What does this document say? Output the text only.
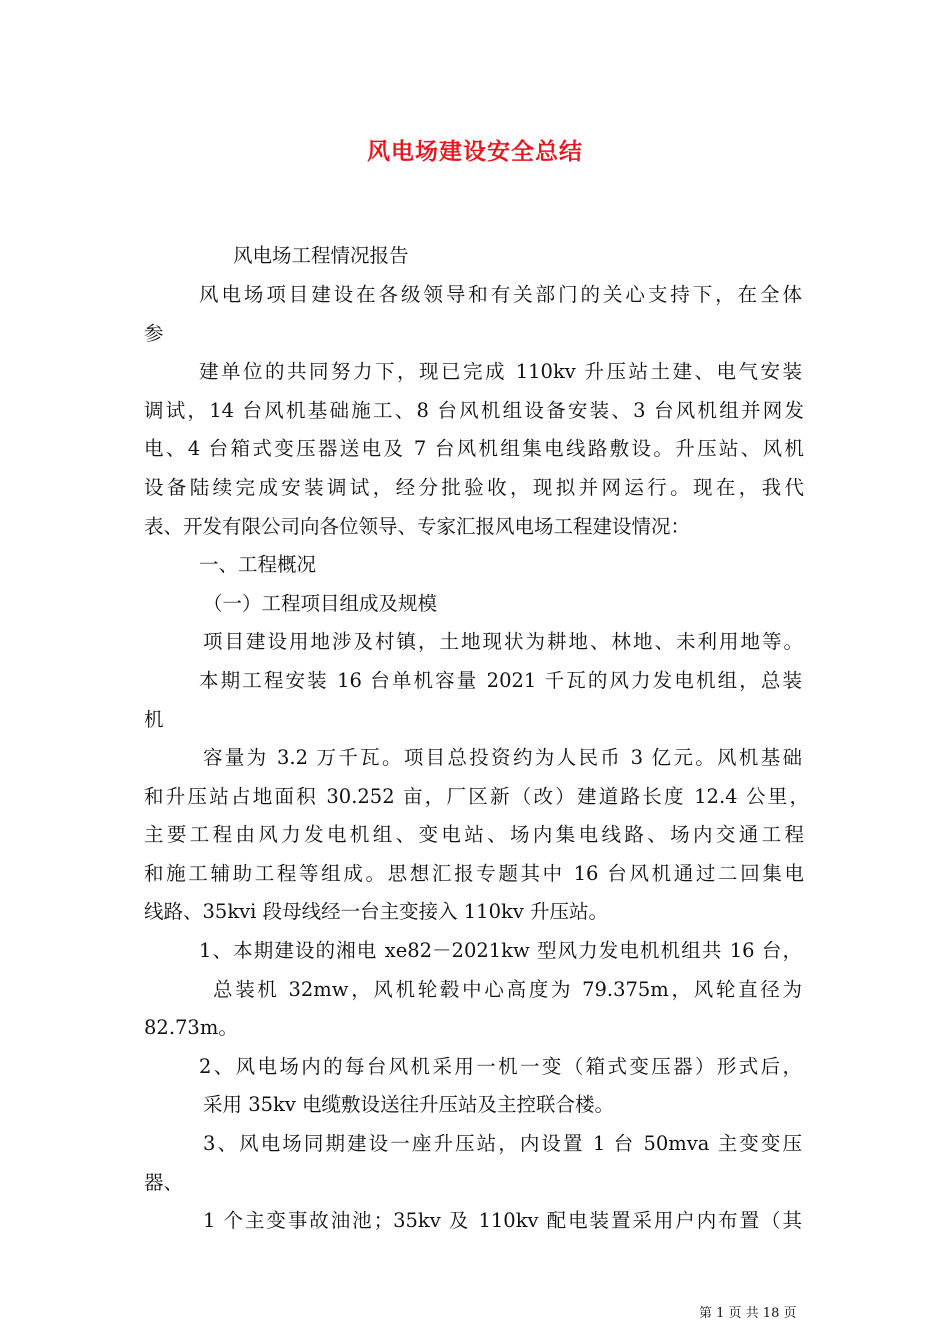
风电场建设安全总结
风电场工程情况报告
风电场项目建设在各级领导和有关部门的关心支持下，在全体
参
建单位的共同努力下，现已完成 110kv 升压站土建、电气安装
调试，14 台风机基础施工、8 台风机组设备安装、3 台风机组并网发
电、4 台箱式变压器送电及 7 台风机组集电线路敷设。升压站、风机
设备陆续完成安装调试，经分批验收，现拟并网运行。现在，我代
表、开发有限公司向各位领导、专家汇报风电场工程建设情况：
一、工程概况
（一）工程项目组成及规模
项目建设用地涉及村镇，土地现状为耕地、林地、未利用地等。
本期工程安装 16 台单机容量 2021 千瓦的风力发电机组，总装
机
容量为 3.2 万千瓦。项目总投资约为人民币 3 亿元。风机基础
和升压站占地面积 30.252 亩，厂区新（改）建道路长度 12.4 公里，
主要工程由风力发电机组、变电站、场内集电线路、场内交通工程
和施工辅助工程等组成。思想汇报专题其中 16 台风机通过二回集电
线路、35kvi 段母线经一台主变接入 110kv 升压站。
1、本期建设的湘电 xe82－2021kw 型风力发电机机组共 16 台，
总装机 32mw，风机轮毂中心高度为 79.375m，风轮直径为
82.73m。
2、风电场内的每台风机采用一机一变（箱式变压器）形式后，
采用 35kv 电缆敷设送往升压站及主控联合楼。
3、风电场同期建设一座升压站，内设置 1 台 50mva 主变变压
器、
1 个主变事故油池；35kv 及 110kv 配电装置采用户内布置（其
第 1 页 共 18 页
